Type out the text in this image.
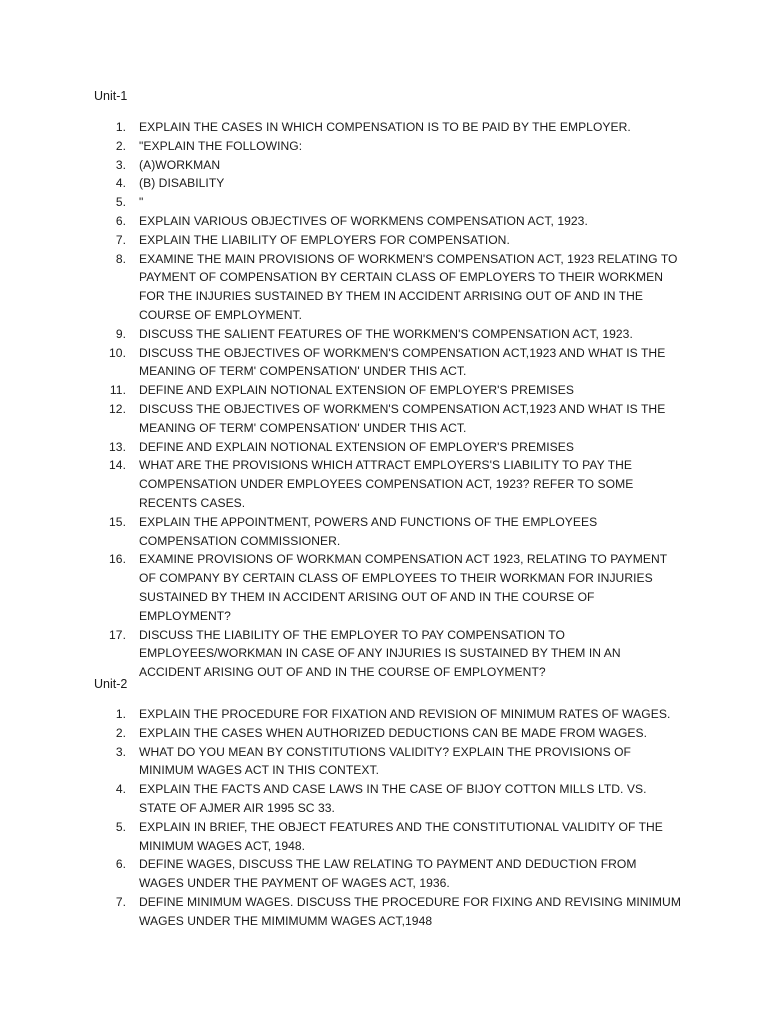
Unit-1
1. EXPLAIN THE CASES IN WHICH COMPENSATION IS TO BE PAID BY THE EMPLOYER.
2. "EXPLAIN THE FOLLOWING:
3. (A)WORKMAN
4. (B) DISABILITY
5. "
6. EXPLAIN VARIOUS OBJECTIVES OF WORKMENS COMPENSATION ACT, 1923.
7. EXPLAIN THE LIABILITY OF EMPLOYERS FOR COMPENSATION.
8. EXAMINE THE MAIN PROVISIONS OF WORKMEN'S COMPENSATION ACT, 1923 RELATING TO PAYMENT OF COMPENSATION BY CERTAIN CLASS OF EMPLOYERS TO THEIR WORKMEN FOR THE INJURIES SUSTAINED BY THEM IN ACCIDENT ARRISING OUT OF AND IN THE COURSE OF EMPLOYMENT.
9. DISCUSS THE SALIENT FEATURES OF THE WORKMEN'S COMPENSATION ACT, 1923.
10. DISCUSS THE OBJECTIVES OF WORKMEN'S COMPENSATION ACT,1923 AND WHAT IS THE MEANING OF TERM' COMPENSATION' UNDER THIS ACT.
11. DEFINE AND EXPLAIN NOTIONAL EXTENSION OF EMPLOYER'S PREMISES
12. DISCUSS THE OBJECTIVES OF WORKMEN'S COMPENSATION ACT,1923 AND WHAT IS THE MEANING OF TERM' COMPENSATION' UNDER THIS ACT.
13. DEFINE AND EXPLAIN NOTIONAL EXTENSION OF EMPLOYER'S PREMISES
14. WHAT ARE THE PROVISIONS WHICH ATTRACT EMPLOYERS'S LIABILITY TO PAY THE COMPENSATION UNDER EMPLOYEES COMPENSATION ACT, 1923? REFER TO SOME RECENTS CASES.
15. EXPLAIN THE APPOINTMENT, POWERS AND FUNCTIONS OF THE EMPLOYEES COMPENSATION COMMISSIONER.
16. EXAMINE PROVISIONS OF WORKMAN COMPENSATION ACT 1923, RELATING TO PAYMENT OF COMPANY BY CERTAIN CLASS OF EMPLOYEES TO THEIR WORKMAN FOR INJURIES SUSTAINED BY THEM IN ACCIDENT ARISING OUT OF AND IN THE COURSE OF EMPLOYMENT?
17. DISCUSS THE LIABILITY OF THE EMPLOYER TO PAY COMPENSATION TO EMPLOYEES/WORKMAN IN CASE OF ANY INJURIES IS SUSTAINED BY THEM IN AN ACCIDENT ARISING OUT OF AND IN THE COURSE OF EMPLOYMENT?
Unit-2
1. EXPLAIN THE PROCEDURE FOR FIXATION AND REVISION OF MINIMUM RATES OF WAGES.
2. EXPLAIN THE CASES WHEN AUTHORIZED DEDUCTIONS CAN BE MADE FROM WAGES.
3. WHAT DO YOU MEAN BY CONSTITUTIONS VALIDITY? EXPLAIN THE PROVISIONS OF MINIMUM WAGES ACT IN THIS CONTEXT.
4. EXPLAIN THE FACTS AND CASE LAWS IN THE CASE OF BIJOY COTTON MILLS LTD. VS. STATE OF AJMER AIR 1995 SC 33.
5. EXPLAIN IN BRIEF, THE OBJECT FEATURES AND THE CONSTITUTIONAL VALIDITY OF THE MINIMUM WAGES ACT, 1948.
6. DEFINE WAGES, DISCUSS THE LAW RELATING TO PAYMENT AND DEDUCTION FROM WAGES UNDER THE PAYMENT OF WAGES ACT, 1936.
7. DEFINE MINIMUM WAGES. DISCUSS THE PROCEDURE FOR FIXING AND REVISING MINIMUM WAGES UNDER THE MIMIMUMM WAGES ACT,1948
